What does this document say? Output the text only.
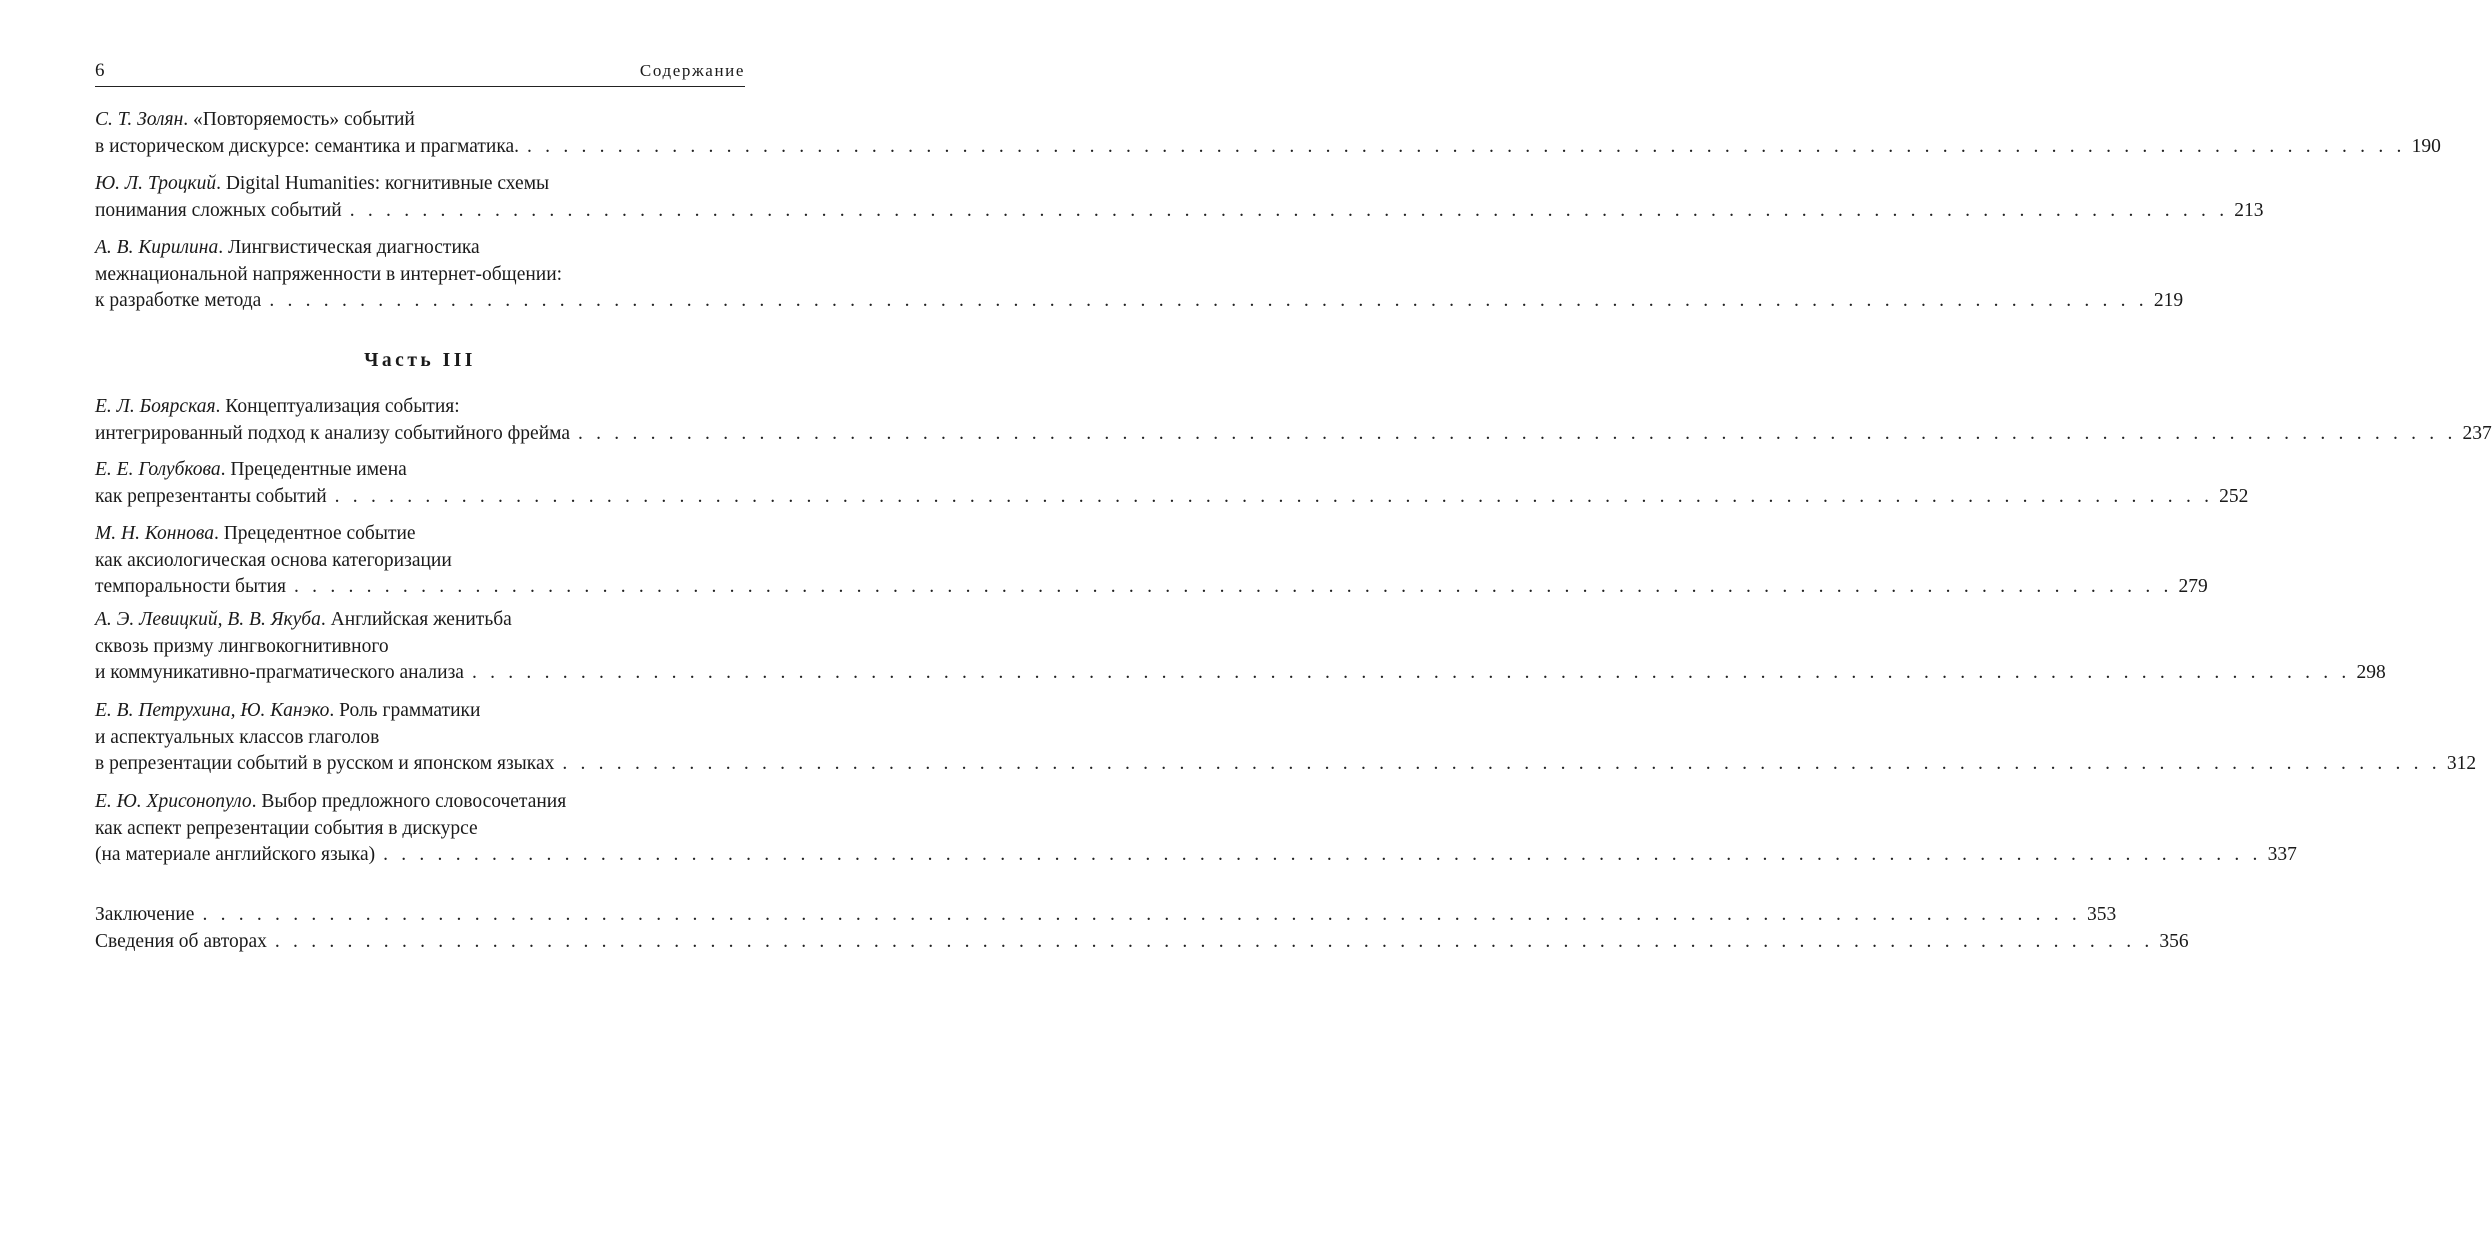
6	Содержание
С. Т. Золян. «Повторяемость» событий
в историческом дискурсе: семантика и прагматика. . . . . . . . . . . . . . . . . . . . . . . . . . . . . . . . . . . . . . . . . . . . . . . . . . . . . . . . . . . . . . . . . . . . . . . . . . . . . . . . . . . . . . . . . . . . . . . . . . . . . . . . . 190
Ю. Л. Троцкий. Digital Humanities: когнитивные схемы
понимания сложных событий . . . . . . . . . . . . . . . . . . . . . . . . . . . . . . . . . . . . . . . . . . . . . . . . . . . . . . . . . . . . . . . . . . . . . . . . . . . . . . . . . . . . . . . . . . . . . . . . . . . . . . . . 213
А. В. Кирилина. Лингвистическая диагностика
межнациональной напряженности в интернет-общении:
к разработке метода . . . . . . . . . . . . . . . . . . . . . . . . . . . . . . . . . . . . . . . . . . . . . . . . . . . . . . . . . . . . . . . . . . . . . . . . . . . . . . . . . . . . . . . . . . . . . . . . . . . . . . . . 219
Часть III
Е. Л. Боярская. Концептуализация события:
интегрированный подход к анализу событийного фрейма . . . . . . . . . . . . . . . . . . . . . . . . . . . . . . . . . . . . . . . . . . . . . . . . . . . . . . . . . . . . . . . . . . . . . . . . . . . . . . . . . . . . . . . . . . . . . . . . . . . . . . . . 237
Е. Е. Голубкова. Прецедентные имена
как репрезентанты событий . . . . . . . . . . . . . . . . . . . . . . . . . . . . . . . . . . . . . . . . . . . . . . . . . . . . . . . . . . . . . . . . . . . . . . . . . . . . . . . . . . . . . . . . . . . . . . . . . . . . . . . . 252
М. Н. Коннова. Прецедентное событие
как аксиологическая основа категоризации
темпоральности бытия . . . . . . . . . . . . . . . . . . . . . . . . . . . . . . . . . . . . . . . . . . . . . . . . . . . . . . . . . . . . . . . . . . . . . . . . . . . . . . . . . . . . . . . . . . . . . . . . . . . . . . . . 279
А. Э. Левицкий, В. В. Якуба. Английская женитьба
сквозь призму лингвокогнитивного
и коммуникативно-прагматического анализа . . . . . . . . . . . . . . . . . . . . . . . . . . . . . . . . . . . . . . . . . . . . . . . . . . . . . . . . . . . . . . . . . . . . . . . . . . . . . . . . . . . . . . . . . . . . . . . . . . . . . . . . 298
Е. В. Петрухина, Ю. Канэко. Роль грамматики
и аспектуальных классов глаголов
в репрезентации событий в русском и японском языках . . . . . . . . . . . . . . . . . . . . . . . . . . . . . . . . . . . . . . . . . . . . . . . . . . . . . . . . . . . . . . . . . . . . . . . . . . . . . . . . . . . . . . . . . . . . . . . . . . . . . . . . 312
Е. Ю. Хрисонопуло. Выбор предложного словосочетания
как аспект репрезентации события в дискурсе
(на материале английского языка) . . . . . . . . . . . . . . . . . . . . . . . . . . . . . . . . . . . . . . . . . . . . . . . . . . . . . . . . . . . . . . . . . . . . . . . . . . . . . . . . . . . . . . . . . . . . . . . . . . . . . . . . 337
Заключение . . . . . . . . . . . . . . . . . . . . . . . . . . . . . . . . . . . . . . . . . . . . . . . . . . . . . . . . . . . . . . . . . . . . . . . . . . . . . . . . . . . . . . . . . . . . . . . . . . . . . . . . 353
Сведения об авторах . . . . . . . . . . . . . . . . . . . . . . . . . . . . . . . . . . . . . . . . . . . . . . . . . . . . . . . . . . . . . . . . . . . . . . . . . . . . . . . . . . . . . . . . . . . . . . . . . . . . . . . . 356
